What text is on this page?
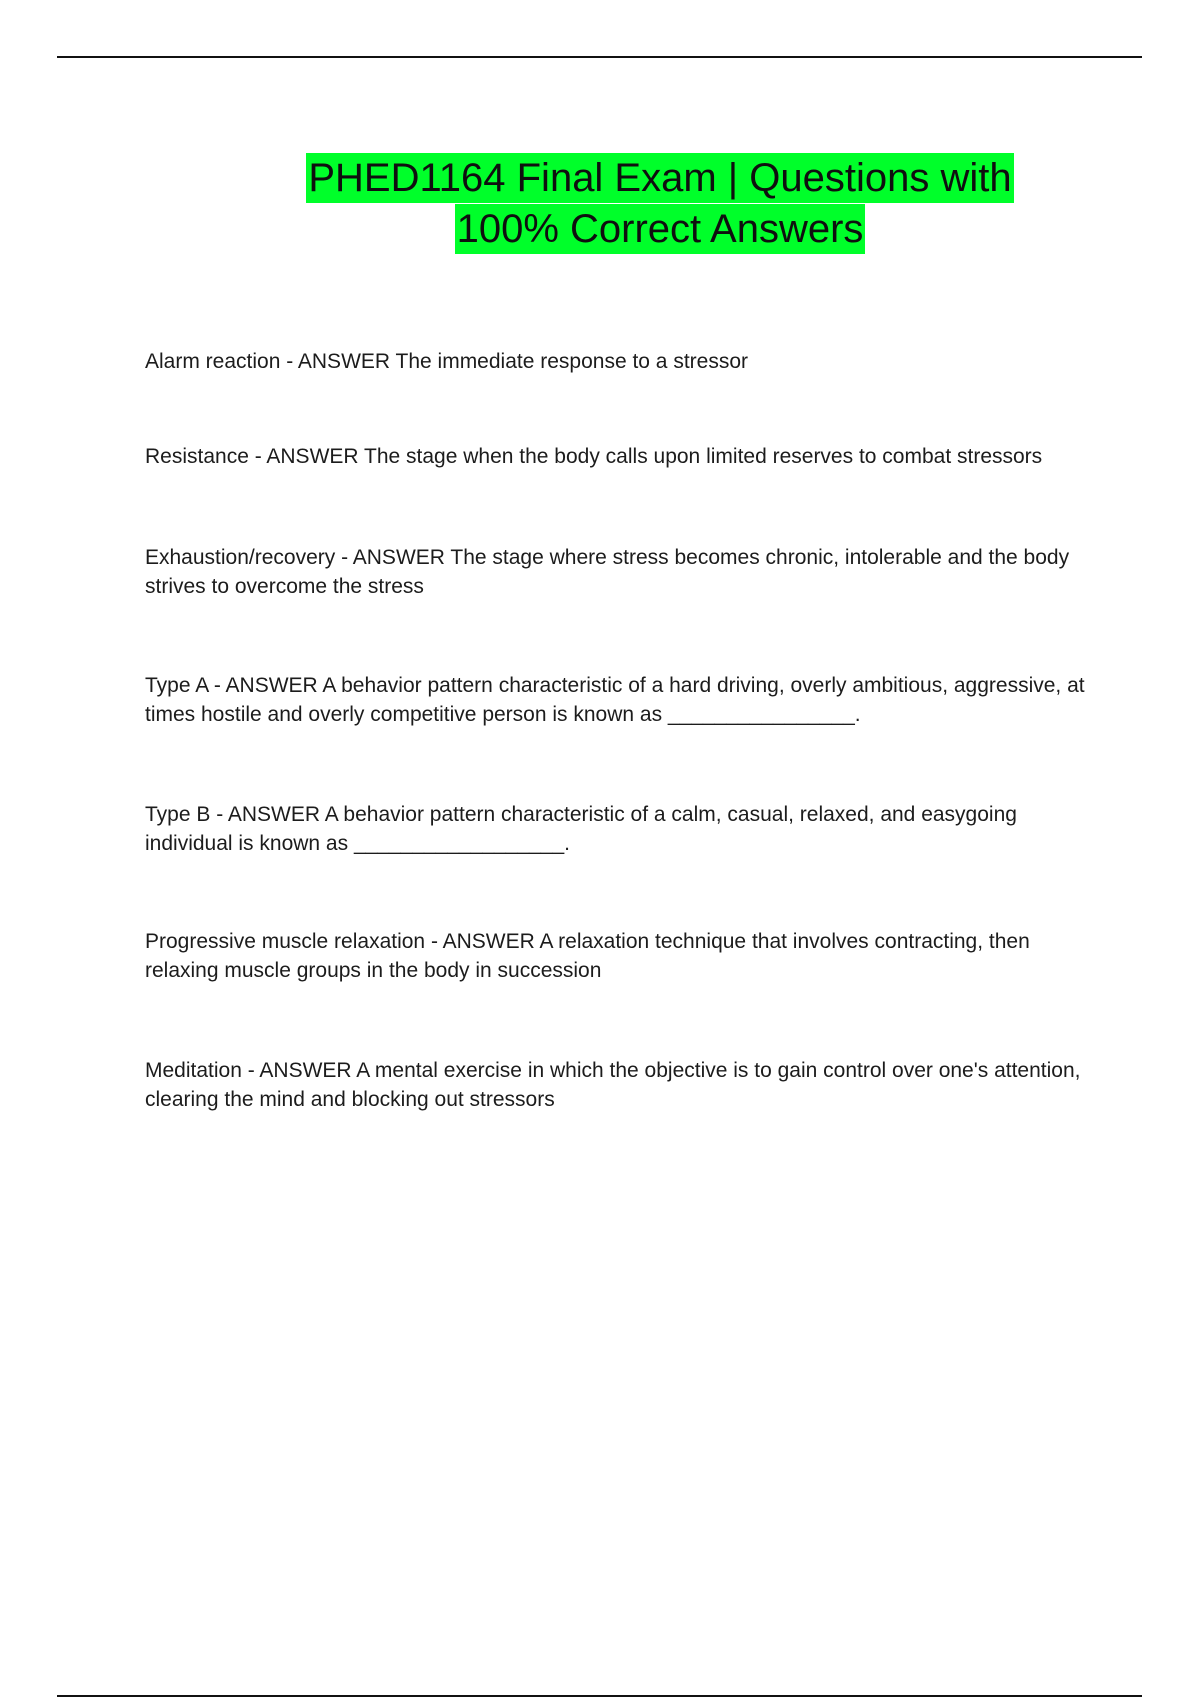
PHED1164 Final Exam | Questions with
100% Correct Answers

Alarm reaction - ANSWER The immediate response to a stressor

Resistance - ANSWER The stage when the body calls upon limited reserves to combat stressors

Exhaustion/recovery - ANSWER The stage where stress becomes chronic, intolerable and the body strives to overcome the stress

Type A - ANSWER A behavior pattern characteristic of a hard driving, overly ambitious, aggressive, at times hostile and overly competitive person is known as ________________.

Type B - ANSWER A behavior pattern characteristic of a calm, casual, relaxed, and easygoing individual is known as __________________.

Progressive muscle relaxation - ANSWER A relaxation technique that involves contracting, then relaxing muscle groups in the body in succession

Meditation - ANSWER A mental exercise in which the objective is to gain control over one's attention, clearing the mind and blocking out stressors
